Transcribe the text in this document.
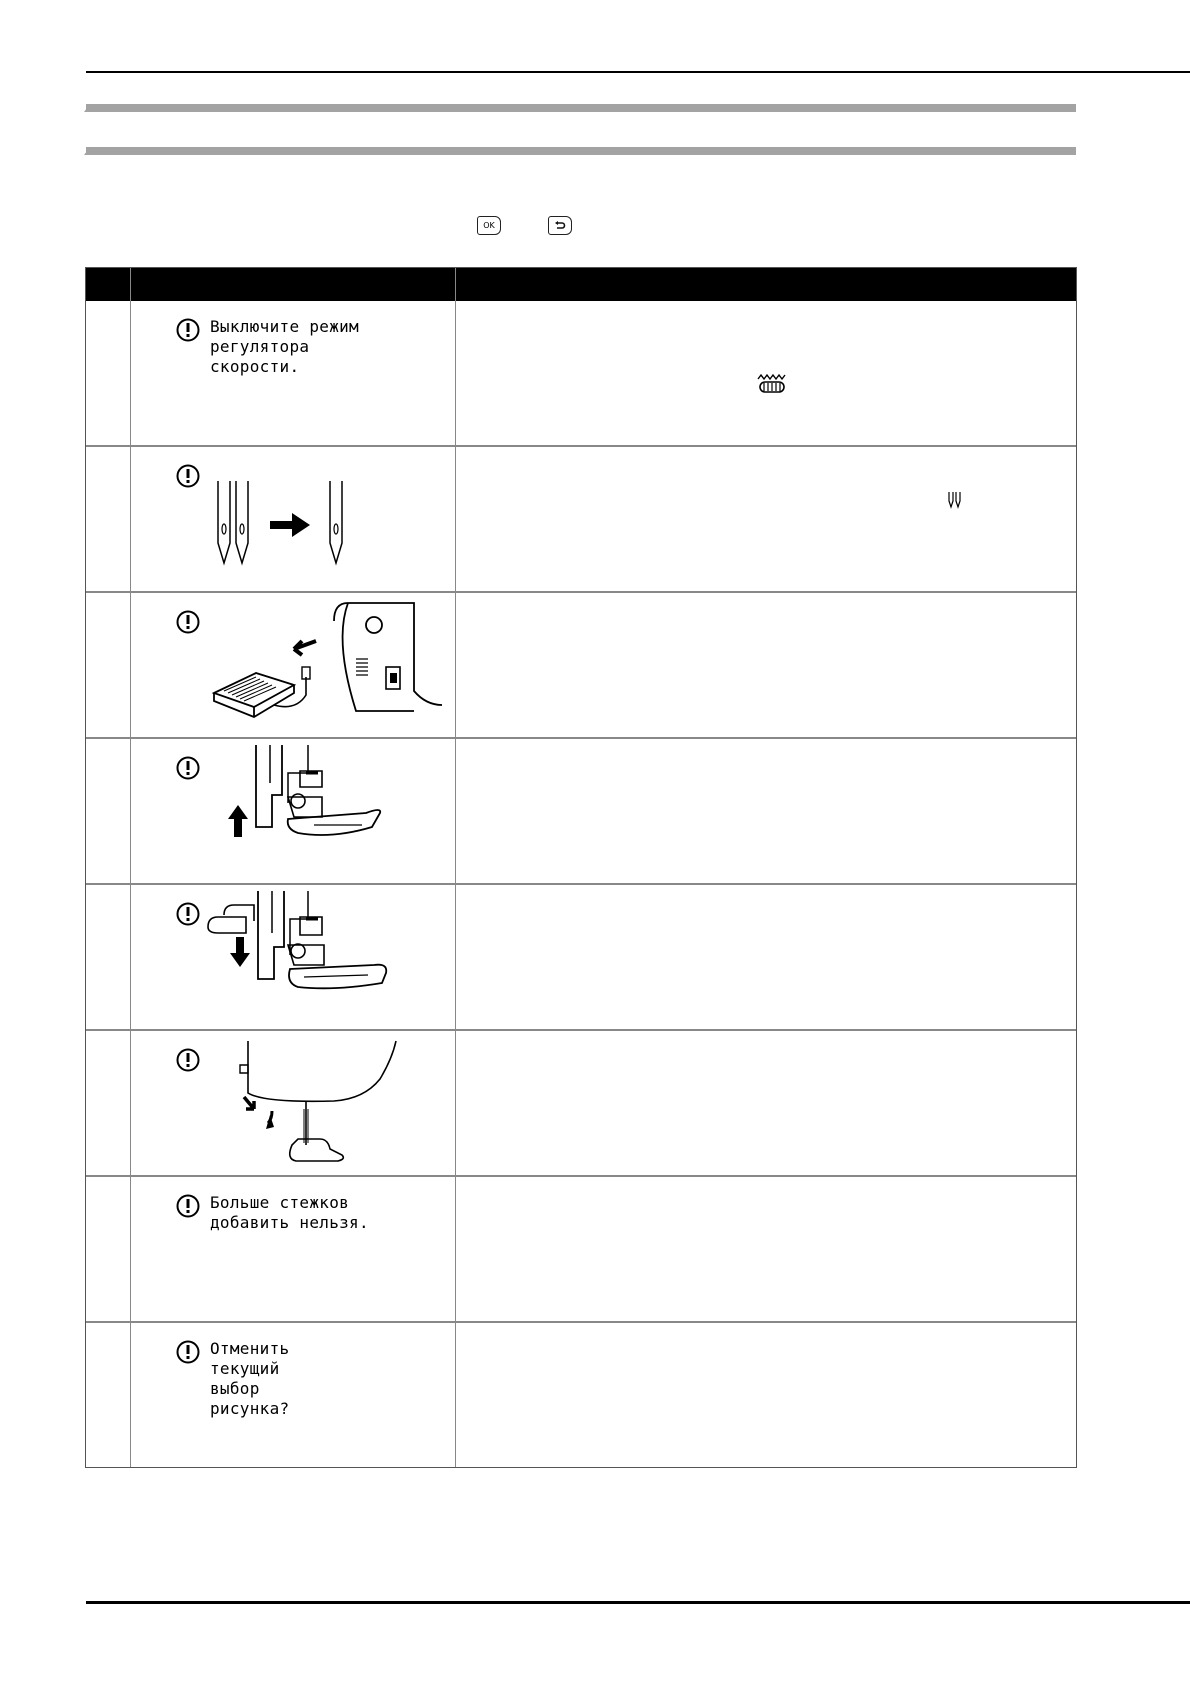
OK
Выключите режим
регулятора
скорости.
Больше стежков
добавить нельзя.
Отменить
текущий
выбор
рисунка?
